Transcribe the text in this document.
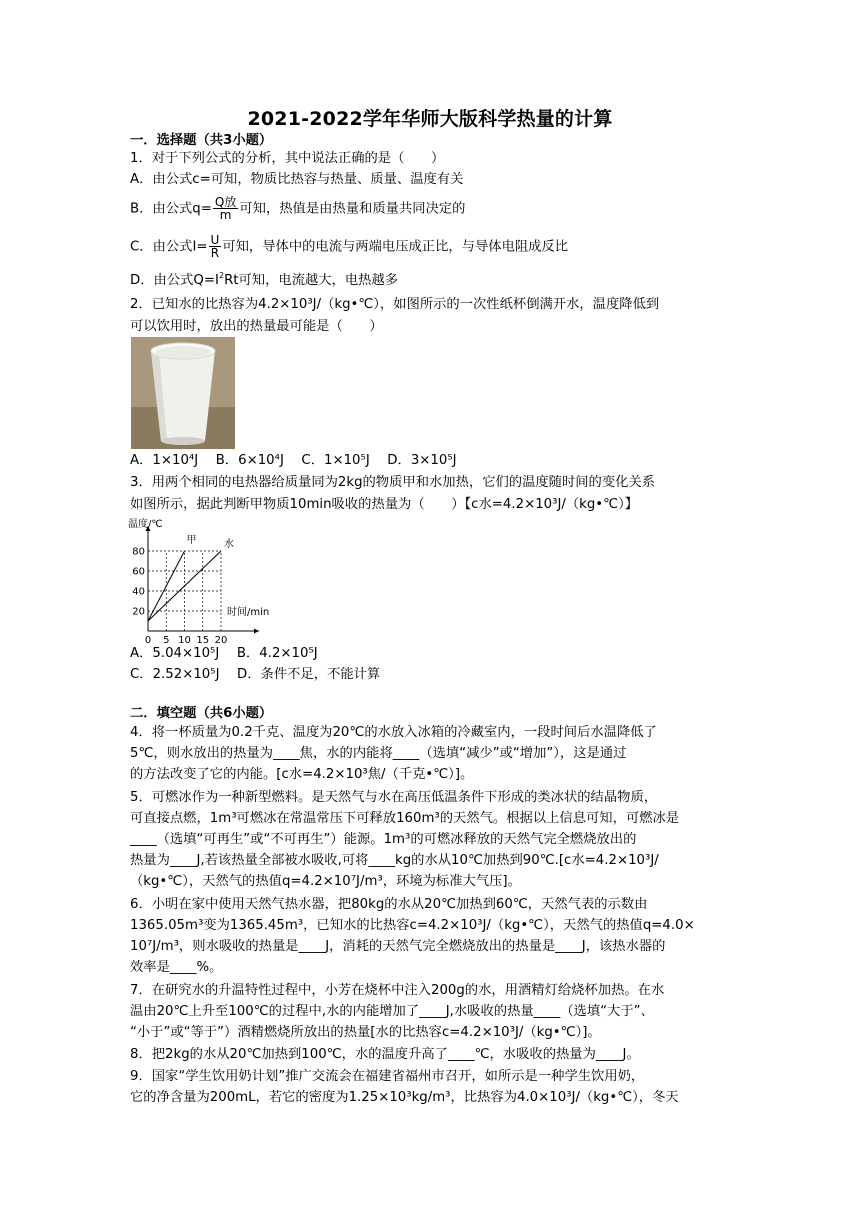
2021-2022学年华师大版科学热量的计算
一．选择题（共3小题）
1．对于下列公式的分析，其中说法正确的是（　　）
A．由公式c=可知，物质比热容与热量、质量、温度有关
B．由公式$q= \frac{\text{Q放}}{m}$ 可知，热值是由热量和质量共同决定的
C．由公式$I= \frac{U}{R}$ 可知，导体中的电流与两端电压成正比，与导体电阻成反比
D．由公式$Q=I^2Rt$可知，电流越大，电热越多
2．已知水的比热容为4.2×10³J/（kg•℃），如图所示的一次性纸杯倒满开水，温度降低到
可以饮用时，放出的热量最可能是（　　）
A．1×10⁴J　 B．6×10⁴J　 C．1×10⁵J　 D．3×10⁵J
3．用两个相同的电热器给质量同为2kg的物质甲和水加热，它们的温度随时间的变化关系
如图所示，据此判断甲物质10min吸收的热量为（　　）【c水=4.2×10³J/（kg•℃）】
20
40
60
80
0 5 10 15 20
温度/℃
时间/min
甲	水
A．5.04×10⁵J　 B．4.2×10⁵J
C．2.52×10⁵J　 D．条件不足，不能计算
二．填空题（共6小题）
4．将一杯质量为0.2千克、温度为20℃的水放入冰箱的冷藏室内，一段时间后水温降低了
5℃，则水放出的热量为____焦，水的内能将____（选填“减少”或“增加”），这是通过
的方法改变了它的内能。[c水=4.2×10³焦/（千克•℃）]。
5．可燃冰作为一种新型燃料。是天然气与水在高压低温条件下形成的类冰状的结晶物质，
可直接点燃，1m³可燃冰在常温常压下可释放160m³的天然气。根据以上信息可知，可燃冰是
____（选填“可再生”或“不可再生”）能源。1m³的可燃冰释放的天然气完全燃烧放出的
热量为____J,若该热量全部被水吸收,可将____kg的水从10℃加热到90℃.[c水=4.2×10³J/
（kg•℃），天然气的热值q=4.2×10⁷J/m³，环境为标准大气压]。
6．小明在家中使用天然气热水器，把80kg的水从20℃加热到60℃，天然气表的示数由
1365.05m³变为1365.45m³，已知水的比热容c=4.2×10³J/（kg•℃），天然气的热值q=4.0×
10⁷J/m³，则水吸收的热量是____J，消耗的天然气完全燃烧放出的热量是____J，该热水器的
效率是____%。
7．在研究水的升温特性过程中，小芳在烧杯中注入200g的水，用酒精灯给烧杯加热。在水
温由20℃上升至100℃的过程中,水的内能增加了____J,水吸收的热量____（选填“大于”、
“小于”或“等于”）酒精燃烧所放出的热量[水的比热容c=4.2×10³J/（kg•℃）]。
8．把2kg的水从20℃加热到100℃，水的温度升高了____℃，水吸收的热量为____J。
9．国家“学生饮用奶计划”推广交流会在福建省福州市召开，如所示是一种学生饮用奶，
它的净含量为200mL，若它的密度为1.25×10³kg/m³，比热容为4.0×10³J/（kg•℃），冬天
